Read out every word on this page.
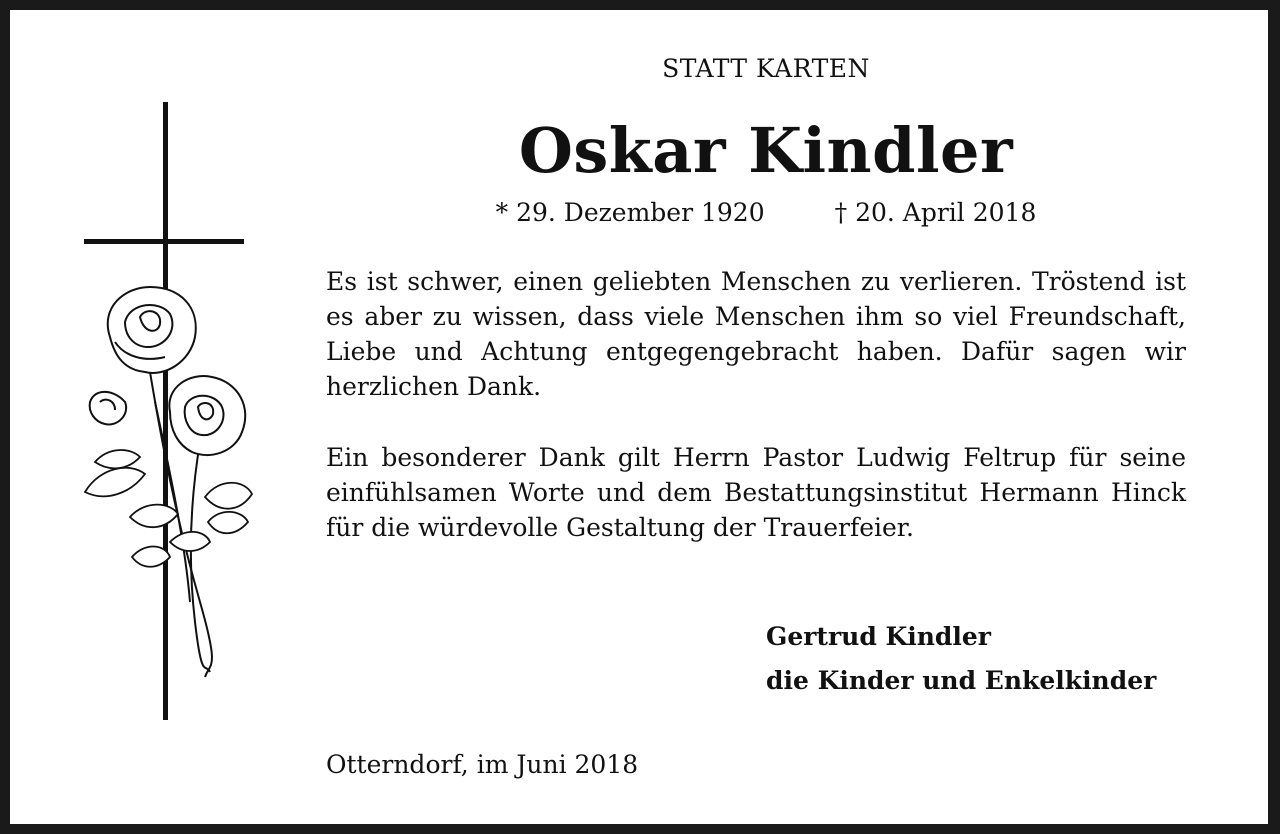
STATT KARTEN
Oskar Kindler
* 29. Dezember 1920	† 20. April 2018
Es ist schwer, einen geliebten Menschen zu verlieren. Tröstend ist es aber zu wissen, dass viele Menschen ihm so viel Freundschaft, Liebe und Achtung entgegengebracht haben. Dafür sagen wir herzlichen Dank.
Ein besonderer Dank gilt Herrn Pastor Ludwig Feltrup für seine einfühlsamen Worte und dem Bestattungsinstitut Hermann Hinck für die würdevolle Gestaltung der Trauerfeier.
Gertrud Kindler
die Kinder und Enkelkinder
Otterndorf, im Juni 2018
